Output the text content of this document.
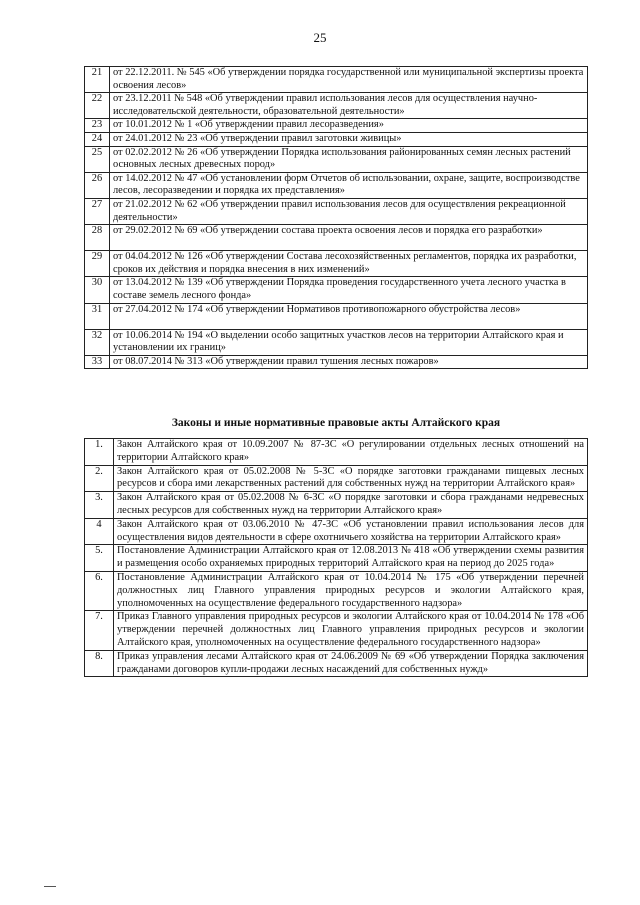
25
21	от 22.12.2011. № 545 «Об утверждении порядка государственной или муниципальной экспертизы проекта освоения лесов»
22	от 23.12.2011 № 548 «Об утверждении правил использования лесов для осуществления научно-исследовательской деятельности, образовательной деятельности»
23	от 10.01.2012 № 1 «Об утверждении правил лесоразведения»
24	от 24.01.2012 № 23 «Об утверждении правил заготовки живицы»
25	от 02.02.2012 № 26 «Об утверждении Порядка использования районированных семян лесных растений основных лесных древесных пород»
26	от 14.02.2012 № 47 «Об установлении форм Отчетов об использовании, охране, защите, воспроизводстве лесов, лесоразведении и порядка их представления»
27	от 21.02.2012 № 62 «Об утверждении правил использования лесов для осуществления рекреационной деятельности»
28	от 29.02.2012 № 69 «Об утверждении состава проекта освоения лесов и порядка его разработки»
29	от 04.04.2012 № 126 «Об утверждении Состава лесохозяйственных регламентов, порядка их разработки, сроков их действия и порядка внесения в них изменений»
30	от 13.04.2012 № 139 «Об утверждении Порядка проведения государственного учета лесного участка в составе земель лесного фонда»
31	от 27.04.2012 № 174 «Об утверждении Нормативов противопожарного обустройства лесов»
32	от 10.06.2014 № 194 «О выделении особо защитных участков лесов на территории Алтайского края и установлении их границ»
33	от 08.07.2014 № 313 «Об утверждении правил тушения лесных пожаров»
Законы и иные нормативные правовые акты Алтайского края
1.	Закон Алтайского края от 10.09.2007 № 87-ЗС «О регулировании отдельных лесных отношений на территории Алтайского края»
2.	Закон Алтайского края от 05.02.2008 № 5-ЗС «О порядке заготовки гражданами пищевых лесных ресурсов и сбора ими лекарственных растений для собственных нужд на территории Алтайского края»
3.	Закон Алтайского края от 05.02.2008 № 6-ЗС «О порядке заготовки и сбора гражданами недревесных лесных ресурсов для собственных нужд на территории Алтайского края»
4	Закон Алтайского края от 03.06.2010 № 47-ЗС «Об установлении правил использования лесов для осуществления видов деятельности в сфере охотничьего хозяйства на территории Алтайского края»
5.	Постановление Администрации Алтайского края от 12.08.2013 № 418 «Об утверждении схемы развития и размещения особо охраняемых природных территорий Алтайского края на период до 2025 года»
6.	Постановление Администрации Алтайского края от 10.04.2014 № 175 «Об утверждении перечней должностных лиц Главного управления природных ресурсов и экологии Алтайского края, уполномоченных на осуществление федерального государственного надзора»
7.	Приказ Главного управления природных ресурсов и экологии Алтайского края от 10.04.2014 № 178 «Об утверждении перечней должностных лиц Главного управления природных ресурсов и экологии Алтайского края, уполномоченных на осуществление федерального государственного надзора»
8.	Приказ управления лесами Алтайского края от 24.06.2009 № 69 «Об утверждении Порядка заключения гражданами договоров купли-продажи лесных насаждений для собственных нужд»
